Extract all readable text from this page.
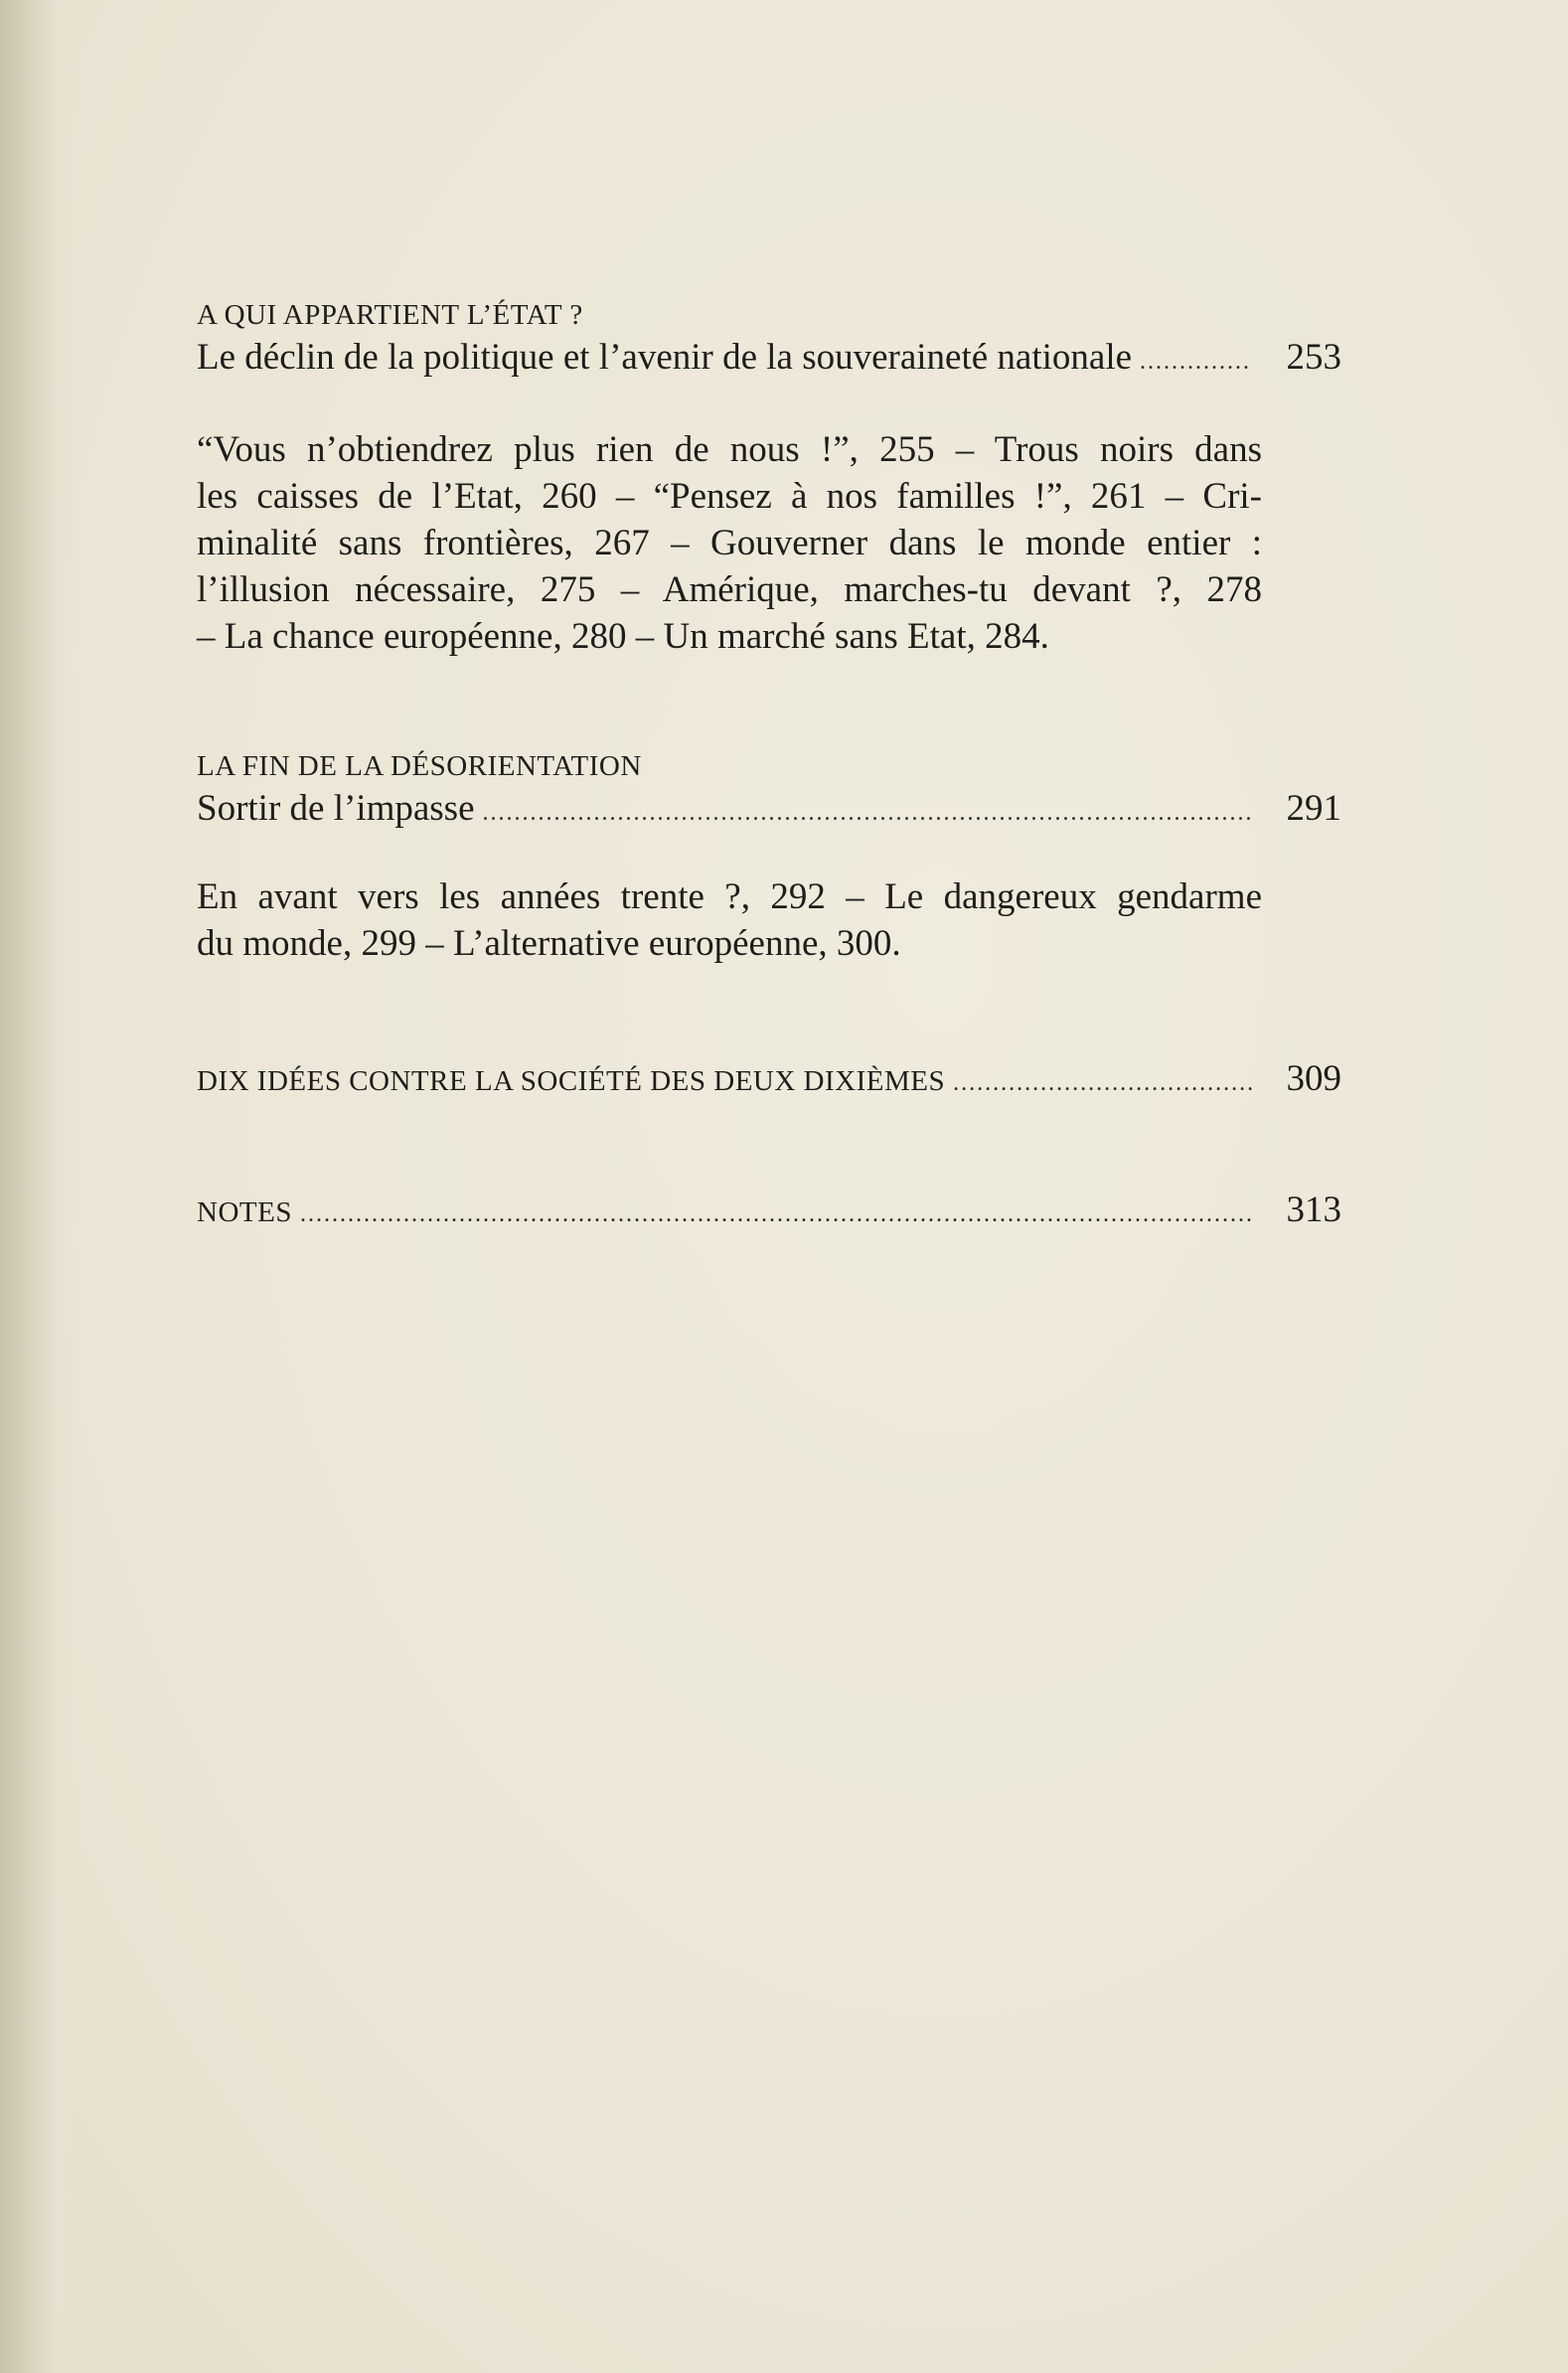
A QUI APPARTIENT L’ÉTAT ?
Le déclin de la politique et l’avenir de la souveraineté nationale .....	253

“Vous n’obtiendrez plus rien de nous !”, 255 – Trous noirs dans
les caisses de l’Etat, 260 – “Pensez à nos familles !”, 261 – Cri-
minalité sans frontières, 267 – Gouverner dans le monde entier :
l’illusion nécessaire, 275 – Amérique, marches-tu devant ?, 278
– La chance européenne, 280 – Un marché sans Etat, 284.

LA FIN DE LA DÉSORIENTATION
Sortir de l’impasse .....	291

En avant vers les années trente ?, 292 – Le dangereux gendarme
du monde, 299 – L’alternative européenne, 300.

DIX IDÉES CONTRE LA SOCIÉTÉ DES DEUX DIXIÈMES .....	309
NOTES .....	313
